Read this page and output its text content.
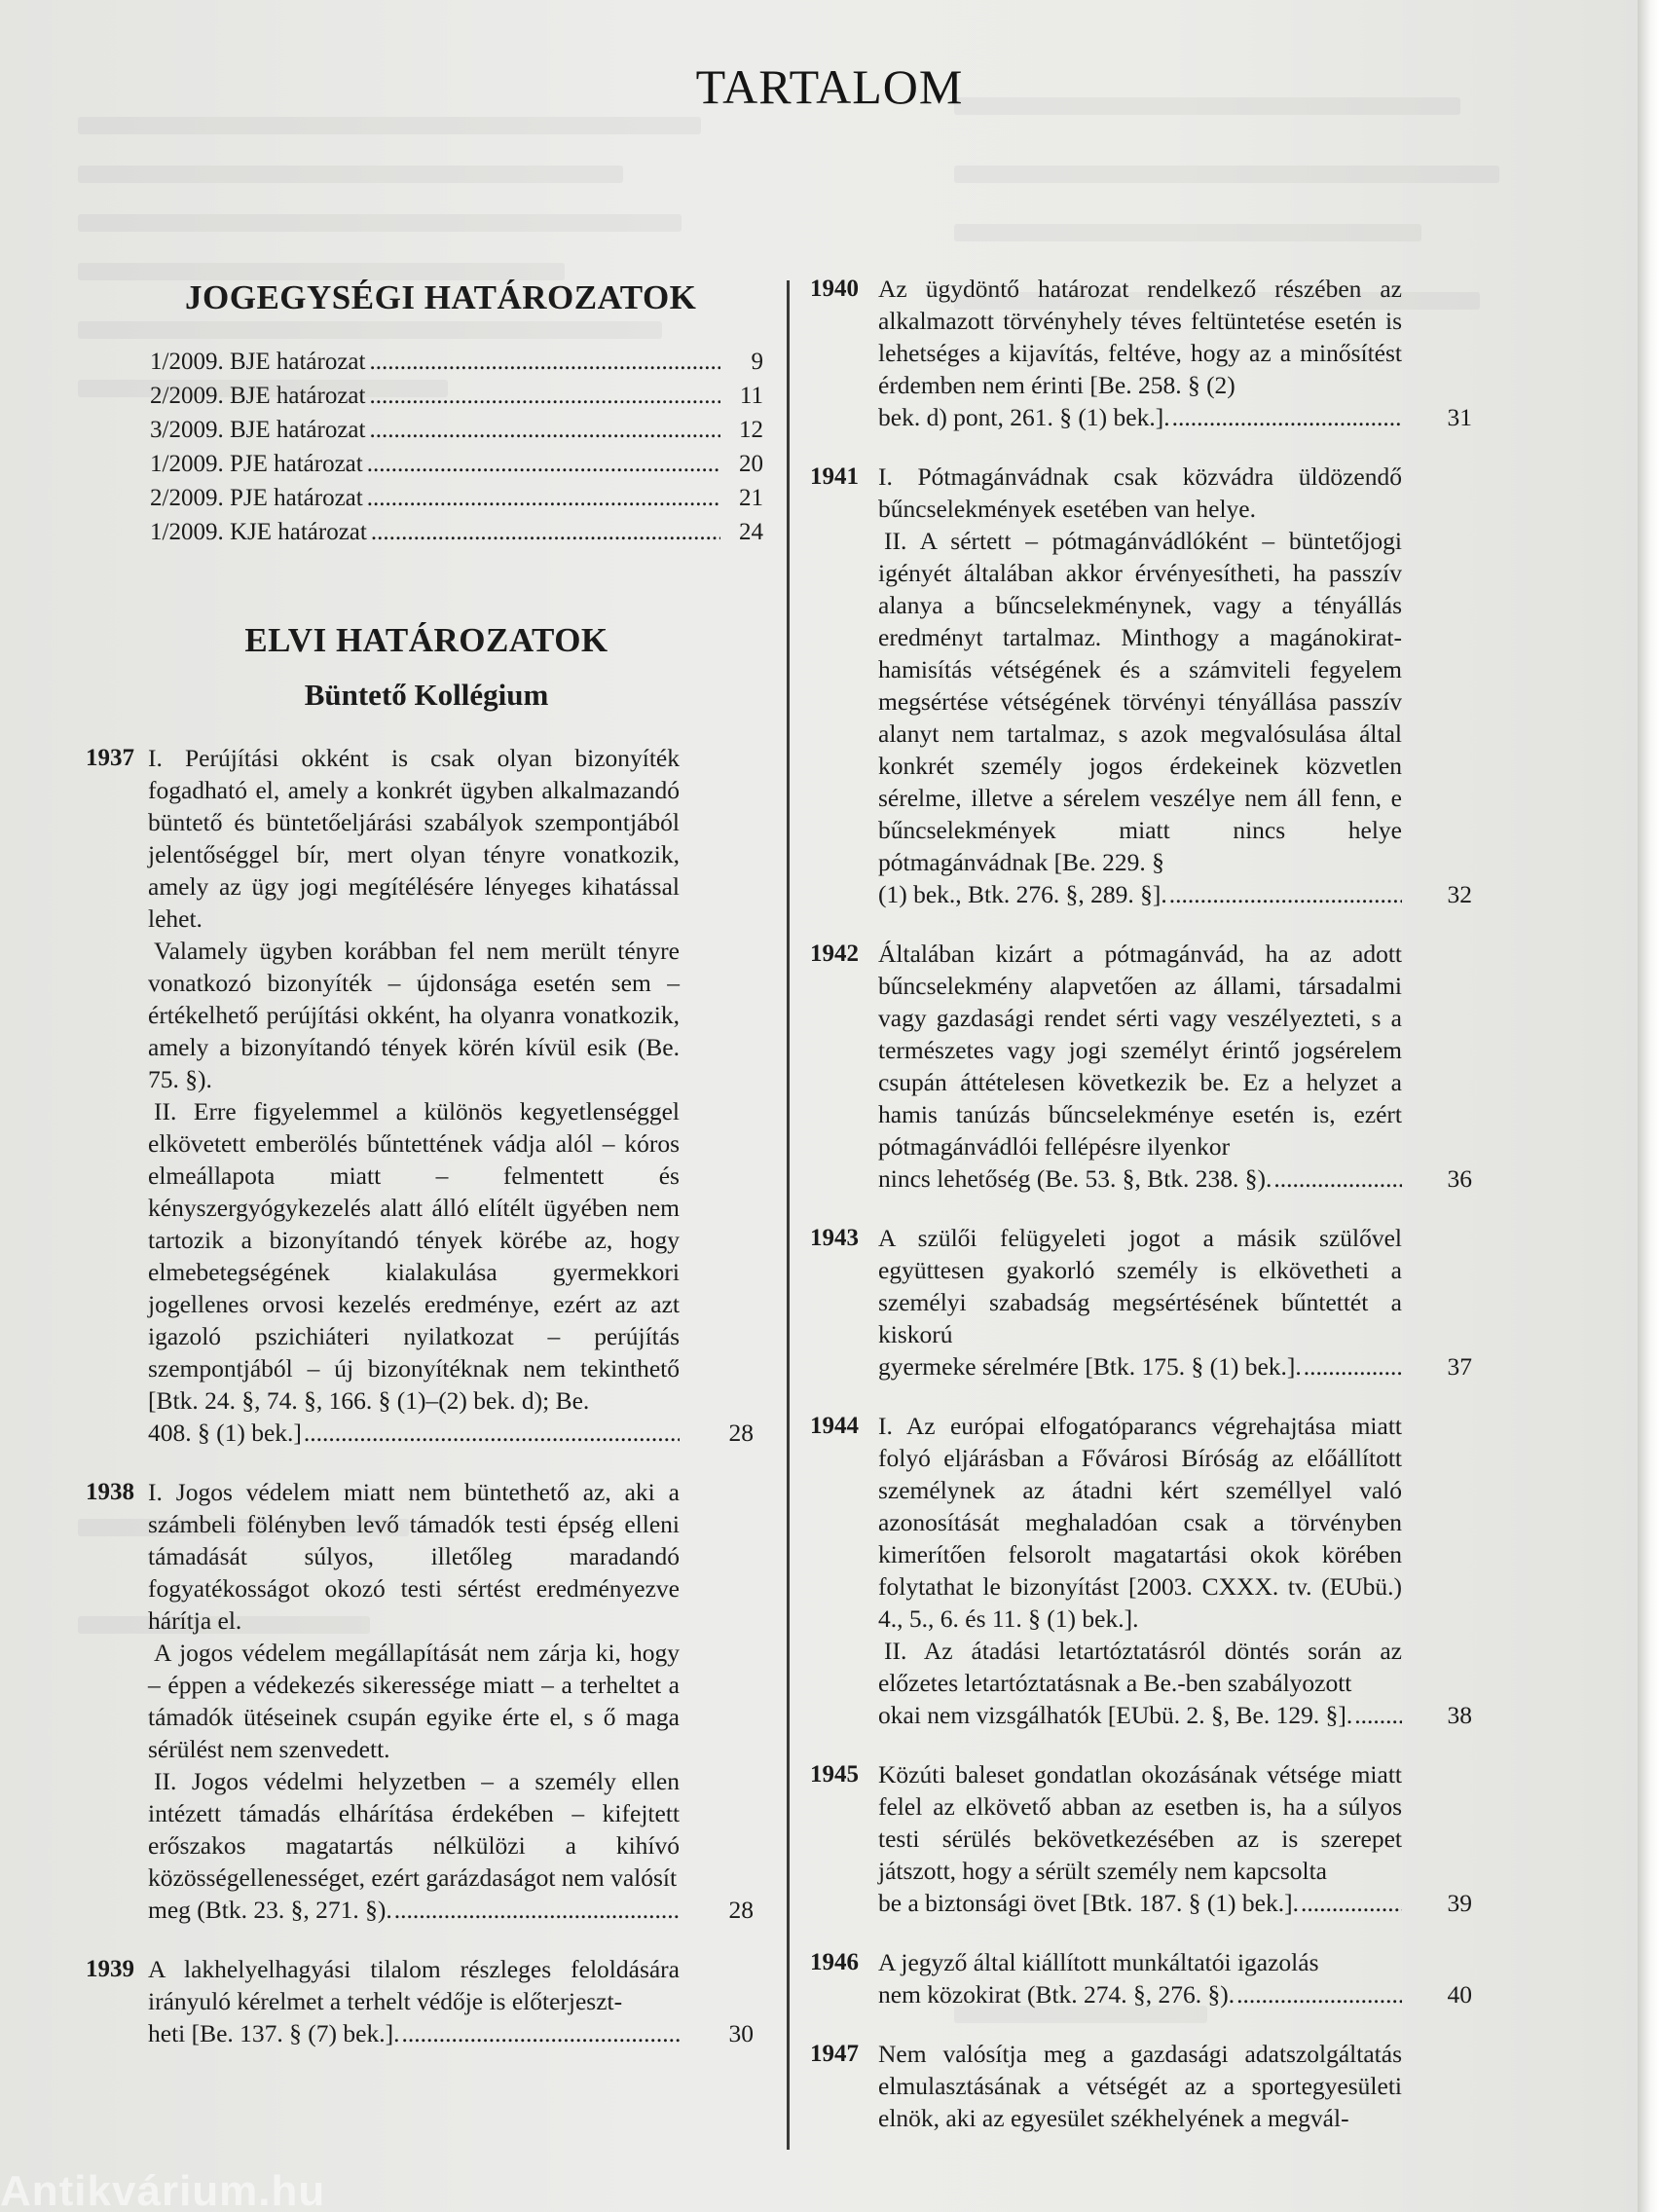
TARTALOM
JOGEGYSÉGI HATÁROZATOK
1/2009. BJE határozat .....	9
2/2009. BJE határozat .....	11
3/2009. BJE határozat .....	12
1/2009. PJE határozat .....	20
2/2009. PJE határozat .....	21
1/2009. KJE határozat .....	24
ELVI HATÁROZATOK
Büntető Kollégium
1937 I. Perújítási okként is csak olyan bizonyíték fogadható el, amely a konkrét ügyben alkalmazandó büntető és büntetőeljárási szabályok szempontjából jelentőséggel bír, mert olyan tényre vonatkozik, amely az ügy jogi megítélésére lényeges kihatással lehet.

Valamely ügyben korábban fel nem merült tényre vonatkozó bizonyíték – újdonsága esetén sem – értékelhető perújítási okként, ha olyanra vonatkozik, amely a bizonyítandó tények körén kívül esik (Be. 75. §).

II. Erre figyelemmel a különös kegyetlenséggel elkövetett emberölés bűntettének vádja alól – kóros elmeállapota miatt – felmentett és kényszergyógykezelés alatt álló elítélt ügyében nem tartozik a bizonyítandó tények körébe az, hogy elmebetegségének kialakulása gyermekkori jogellenes orvosi kezelés eredménye, ezért az azt igazoló pszichiáteri nyilatkozat – perújítás szempontjából – új bizonyítéknak nem tekinthető [Btk. 24. §, 74. §, 166. § (1)–(2) bek. d); Be.

408. § (1) bek.] .....	28
1938 I. Jogos védelem miatt nem büntethető az, aki a számbeli fölényben levő támadók testi épség elleni támadását súlyos, illetőleg maradandó fogyatékosságot okozó testi sértést eredményezve hárítja el.

A jogos védelem megállapítását nem zárja ki, hogy – éppen a védekezés sikeressége miatt – a terheltet a támadók ütéseinek csupán egyike érte el, s ő maga sérülést nem szenvedett.

II. Jogos védelmi helyzetben – a személy ellen intézett támadás elhárítása érdekében – kifejtett erőszakos magatartás nélkülözi a kihívó közösségellenességet, ezért garázdaságot nem valósít

meg (Btk. 23. §, 271. §). .....	28
1939 A lakhelyelhagyási tilalom részleges feloldására irányuló kérelmet a terhelt védője is előterjeszt-

heti [Be. 137. § (7) bek.]. .....	30
1940 Az ügydöntő határozat rendelkező részében az alkalmazott törvényhely téves feltüntetése esetén is lehetséges a kijavítás, feltéve, hogy az a minősítést érdemben nem érinti [Be. 258. § (2)

bek. d) pont, 261. § (1) bek.]. .....	31
1941 I. Pótmagánvádnak csak közvádra üldözendő bűncselekmények esetében van helye.

II. A sértett – pótmagánvádlóként – büntetőjogi igényét általában akkor érvényesítheti, ha passzív alanya a bűncselekménynek, vagy a tényállás eredményt tartalmaz. Minthogy a magánokirat-hamisítás vétségének és a számviteli fegyelem megsértése vétségének törvényi tényállása passzív alanyt nem tartalmaz, s azok megvalósulása által konkrét személy jogos érdekeinek közvetlen sérelme, illetve a sérelem veszélye nem áll fenn, e bűncselekmények miatt nincs helye pótmagánvádnak [Be. 229. §

(1) bek., Btk. 276. §, 289. §]. .....	32
1942 Általában kizárt a pótmagánvád, ha az adott bűncselekmény alapvetően az állami, társadalmi vagy gazdasági rendet sérti vagy veszélyezteti, s a természetes vagy jogi személyt érintő jogsérelem csupán áttételesen következik be. Ez a helyzet a hamis tanúzás bűncselekménye esetén is, ezért pótmagánvádlói fellépésre ilyenkor

nincs lehetőség (Be. 53. §, Btk. 238. §). .....	36
1943 A szülői felügyeleti jogot a másik szülővel együttesen gyakorló személy is elkövetheti a személyi szabadság megsértésének bűntettét a kiskorú

gyermeke sérelmére [Btk. 175. § (1) bek.]. .....	37
1944 I. Az európai elfogatóparancs végrehajtása miatt folyó eljárásban a Fővárosi Bíróság az előállított személynek az átadni kért személlyel való azonosítását meghaladóan csak a törvényben kimerítően felsorolt magatartási okok körében folytathat le bizonyítást [2003. CXXX. tv. (EUbü.) 4., 5., 6. és 11. § (1) bek.].

II. Az átadási letartóztatásról döntés során az előzetes letartóztatásnak a Be.-ben szabályozott

okai nem vizsgálhatók [EUbü. 2. §, Be. 129. §]. .....	38
1945 Közúti baleset gondatlan okozásának vétsége miatt felel az elkövető abban az esetben is, ha a súlyos testi sérülés bekövetkezésében az is szerepet játszott, hogy a sérült személy nem kapcsolta

be a biztonsági övet [Btk. 187. § (1) bek.]. .....	39
1946 A jegyző által kiállított munkáltatói igazolás

nem közokirat (Btk. 274. §, 276. §). .....	40
1947 Nem valósítja meg a gazdasági adatszolgáltatás elmulasztásának a vétségét az a sportegyesületi elnök, aki az egyesület székhelyének a megvál-

Antikvárium.hu
